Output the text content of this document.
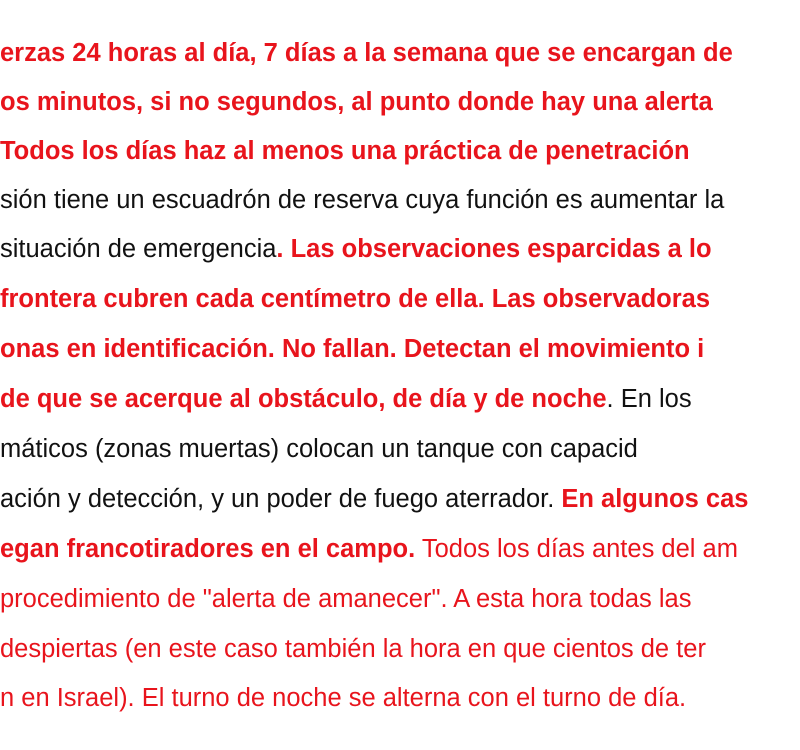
erzas 24 horas al día, 7 días a la semana que se encargan de
os minutos, si no segundos, al punto donde hay una alerta
Todos los días haz al menos una práctica de penetración
sión tiene un escuadrón de reserva cuya función es aumentar la
situación de emergencia. Las observaciones esparcidas a lo
frontera cubren cada centímetro de ella. Las observadoras
onas en identificación. No fallan. Detectan el movimiento i
de que se acerque al obstáculo, de día y de noche. En los
máticos (zonas muertas) colocan un tanque con capacid
ación y detección, y un poder de fuego aterrador. En algunos cas
egan francotiradores en el campo. Todos los días antes del am
procedimiento de "alerta de amanecer". A esta hora todas las
despiertas (en este caso también la hora en que cientos de ter
n en Israel). El turno de noche se alterna con el turno de día.
